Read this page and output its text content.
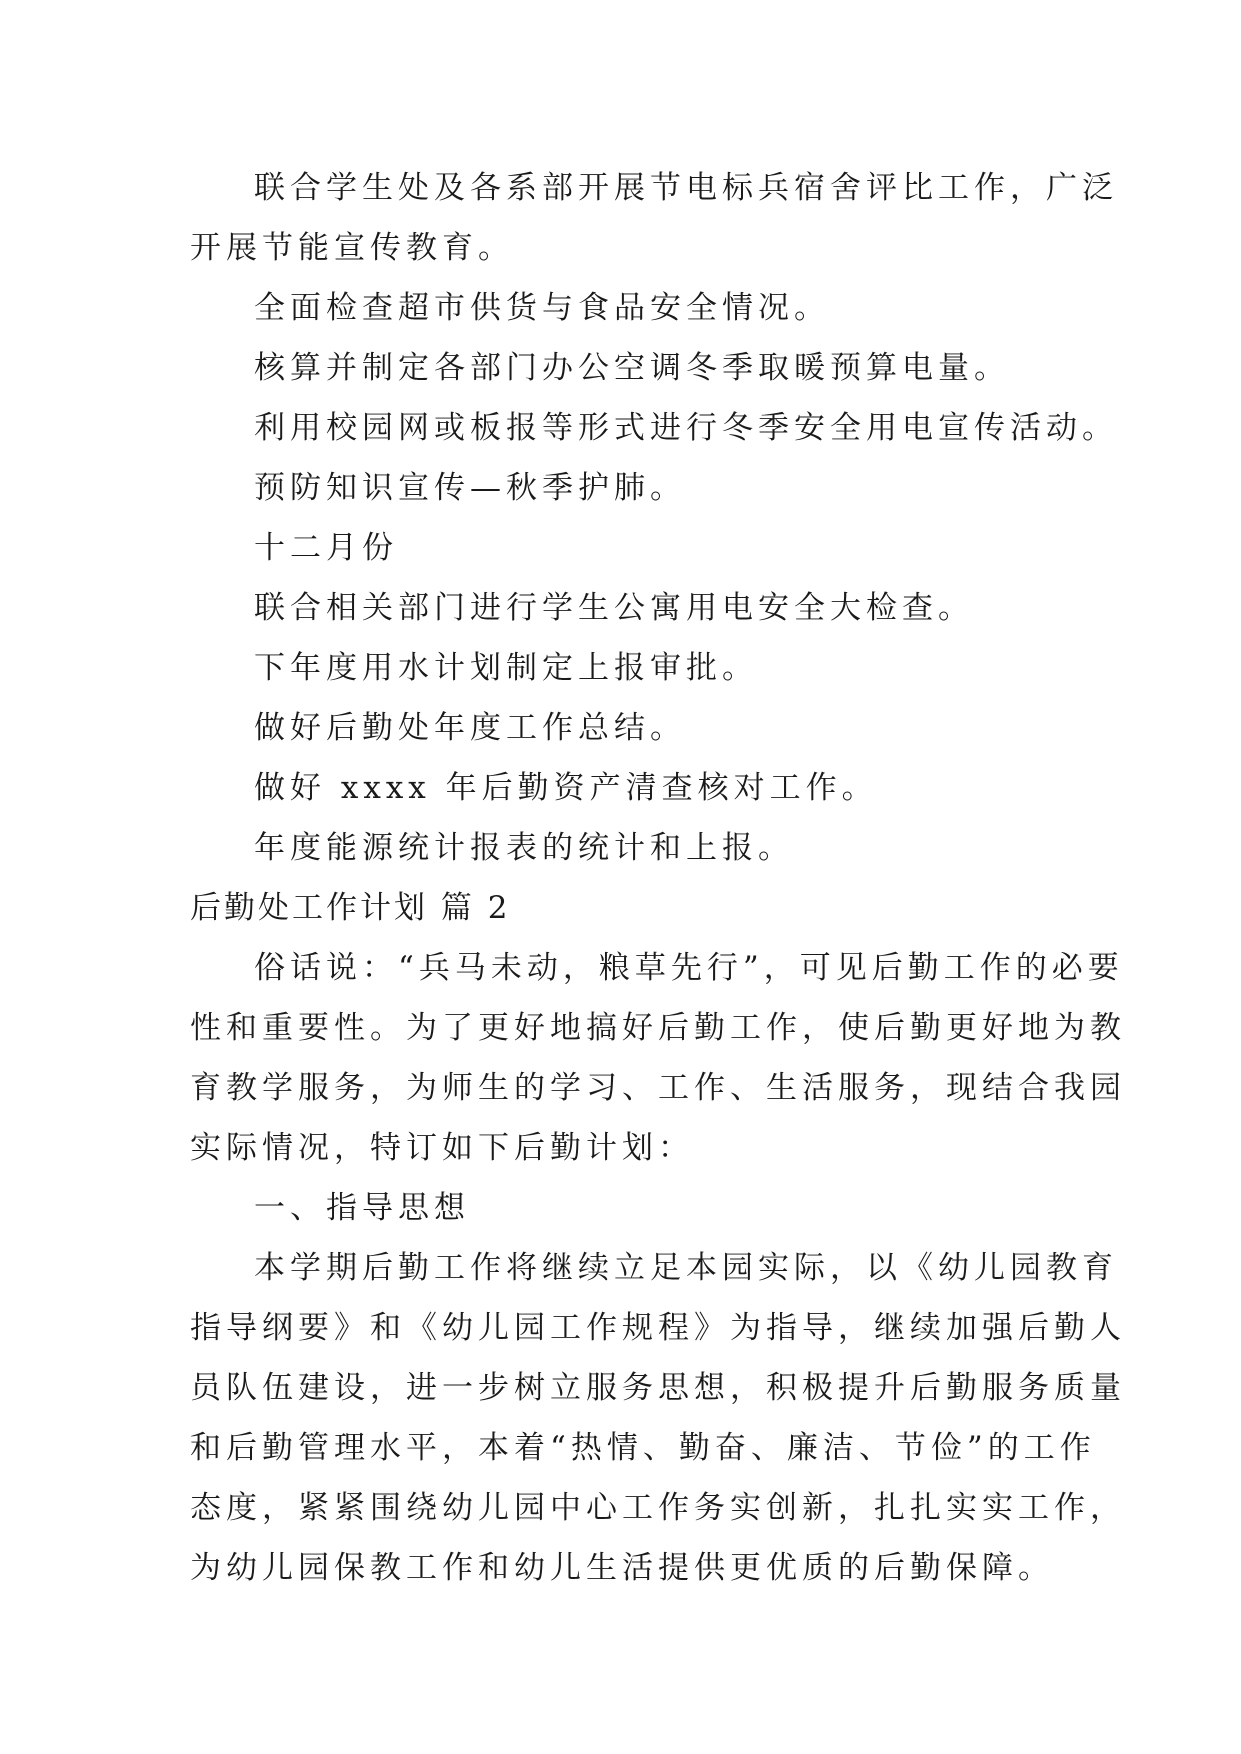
联合学生处及各系部开展节电标兵宿舍评比工作，广泛
开展节能宣传教育。
全面检查超市供货与食品安全情况。
核算并制定各部门办公空调冬季取暖预算电量。
利用校园网或板报等形式进行冬季安全用电宣传活动。
预防知识宣传—秋季护肺。
十二月份
联合相关部门进行学生公寓用电安全大检查。
下年度用水计划制定上报审批。
做好后勤处年度工作总结。
做好 xxxx 年后勤资产清查核对工作。
年度能源统计报表的统计和上报。
后勤处工作计划 篇 2
俗话说：“兵马未动，粮草先行”，可见后勤工作的必要
性和重要性。为了更好地搞好后勤工作，使后勤更好地为教
育教学服务，为师生的学习、工作、生活服务，现结合我园
实际情况，特订如下后勤计划：
一、指导思想
本学期后勤工作将继续立足本园实际，以《幼儿园教育
指导纲要》和《幼儿园工作规程》为指导，继续加强后勤人
员队伍建设，进一步树立服务思想，积极提升后勤服务质量
和后勤管理水平，本着“热情、勤奋、廉洁、节俭”的工作
态度，紧紧围绕幼儿园中心工作务实创新，扎扎实实工作，
为幼儿园保教工作和幼儿生活提供更优质的后勤保障。
